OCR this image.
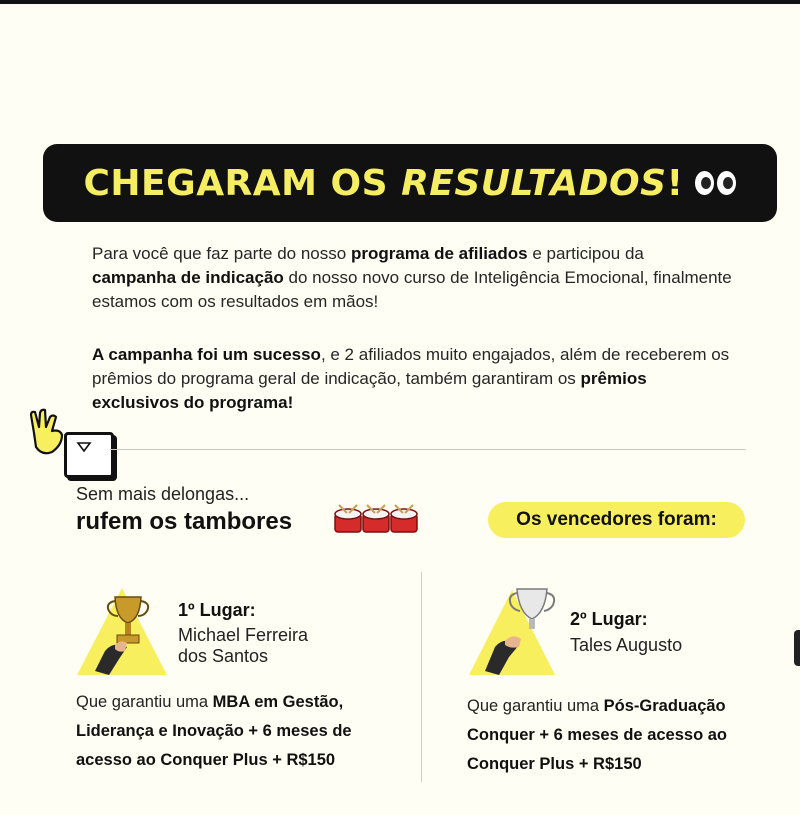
CHEGARAM OS RESULTADOS!
Para você que faz parte do nosso programa de afiliados e participou da
campanha de indicação do nosso novo curso de Inteligência Emocional, finalmente estamos com os resultados em mãos!
A campanha foi um sucesso, e 2 afiliados muito engajados, além de receberem os prêmios do programa geral de indicação, também garantiram os prêmios exclusivos do programa!
Sem mais delongas...
rufem os tambores	Os vencedores foram:
1º Lugar:
Michael Ferreira
dos Santos
2º Lugar:
Tales Augusto
Que garantiu uma MBA em Gestão, Liderança e Inovação + 6 meses de acesso ao Conquer Plus + R$150
Que garantiu uma Pós-Graduação Conquer + 6 meses de acesso ao Conquer Plus + R$150
